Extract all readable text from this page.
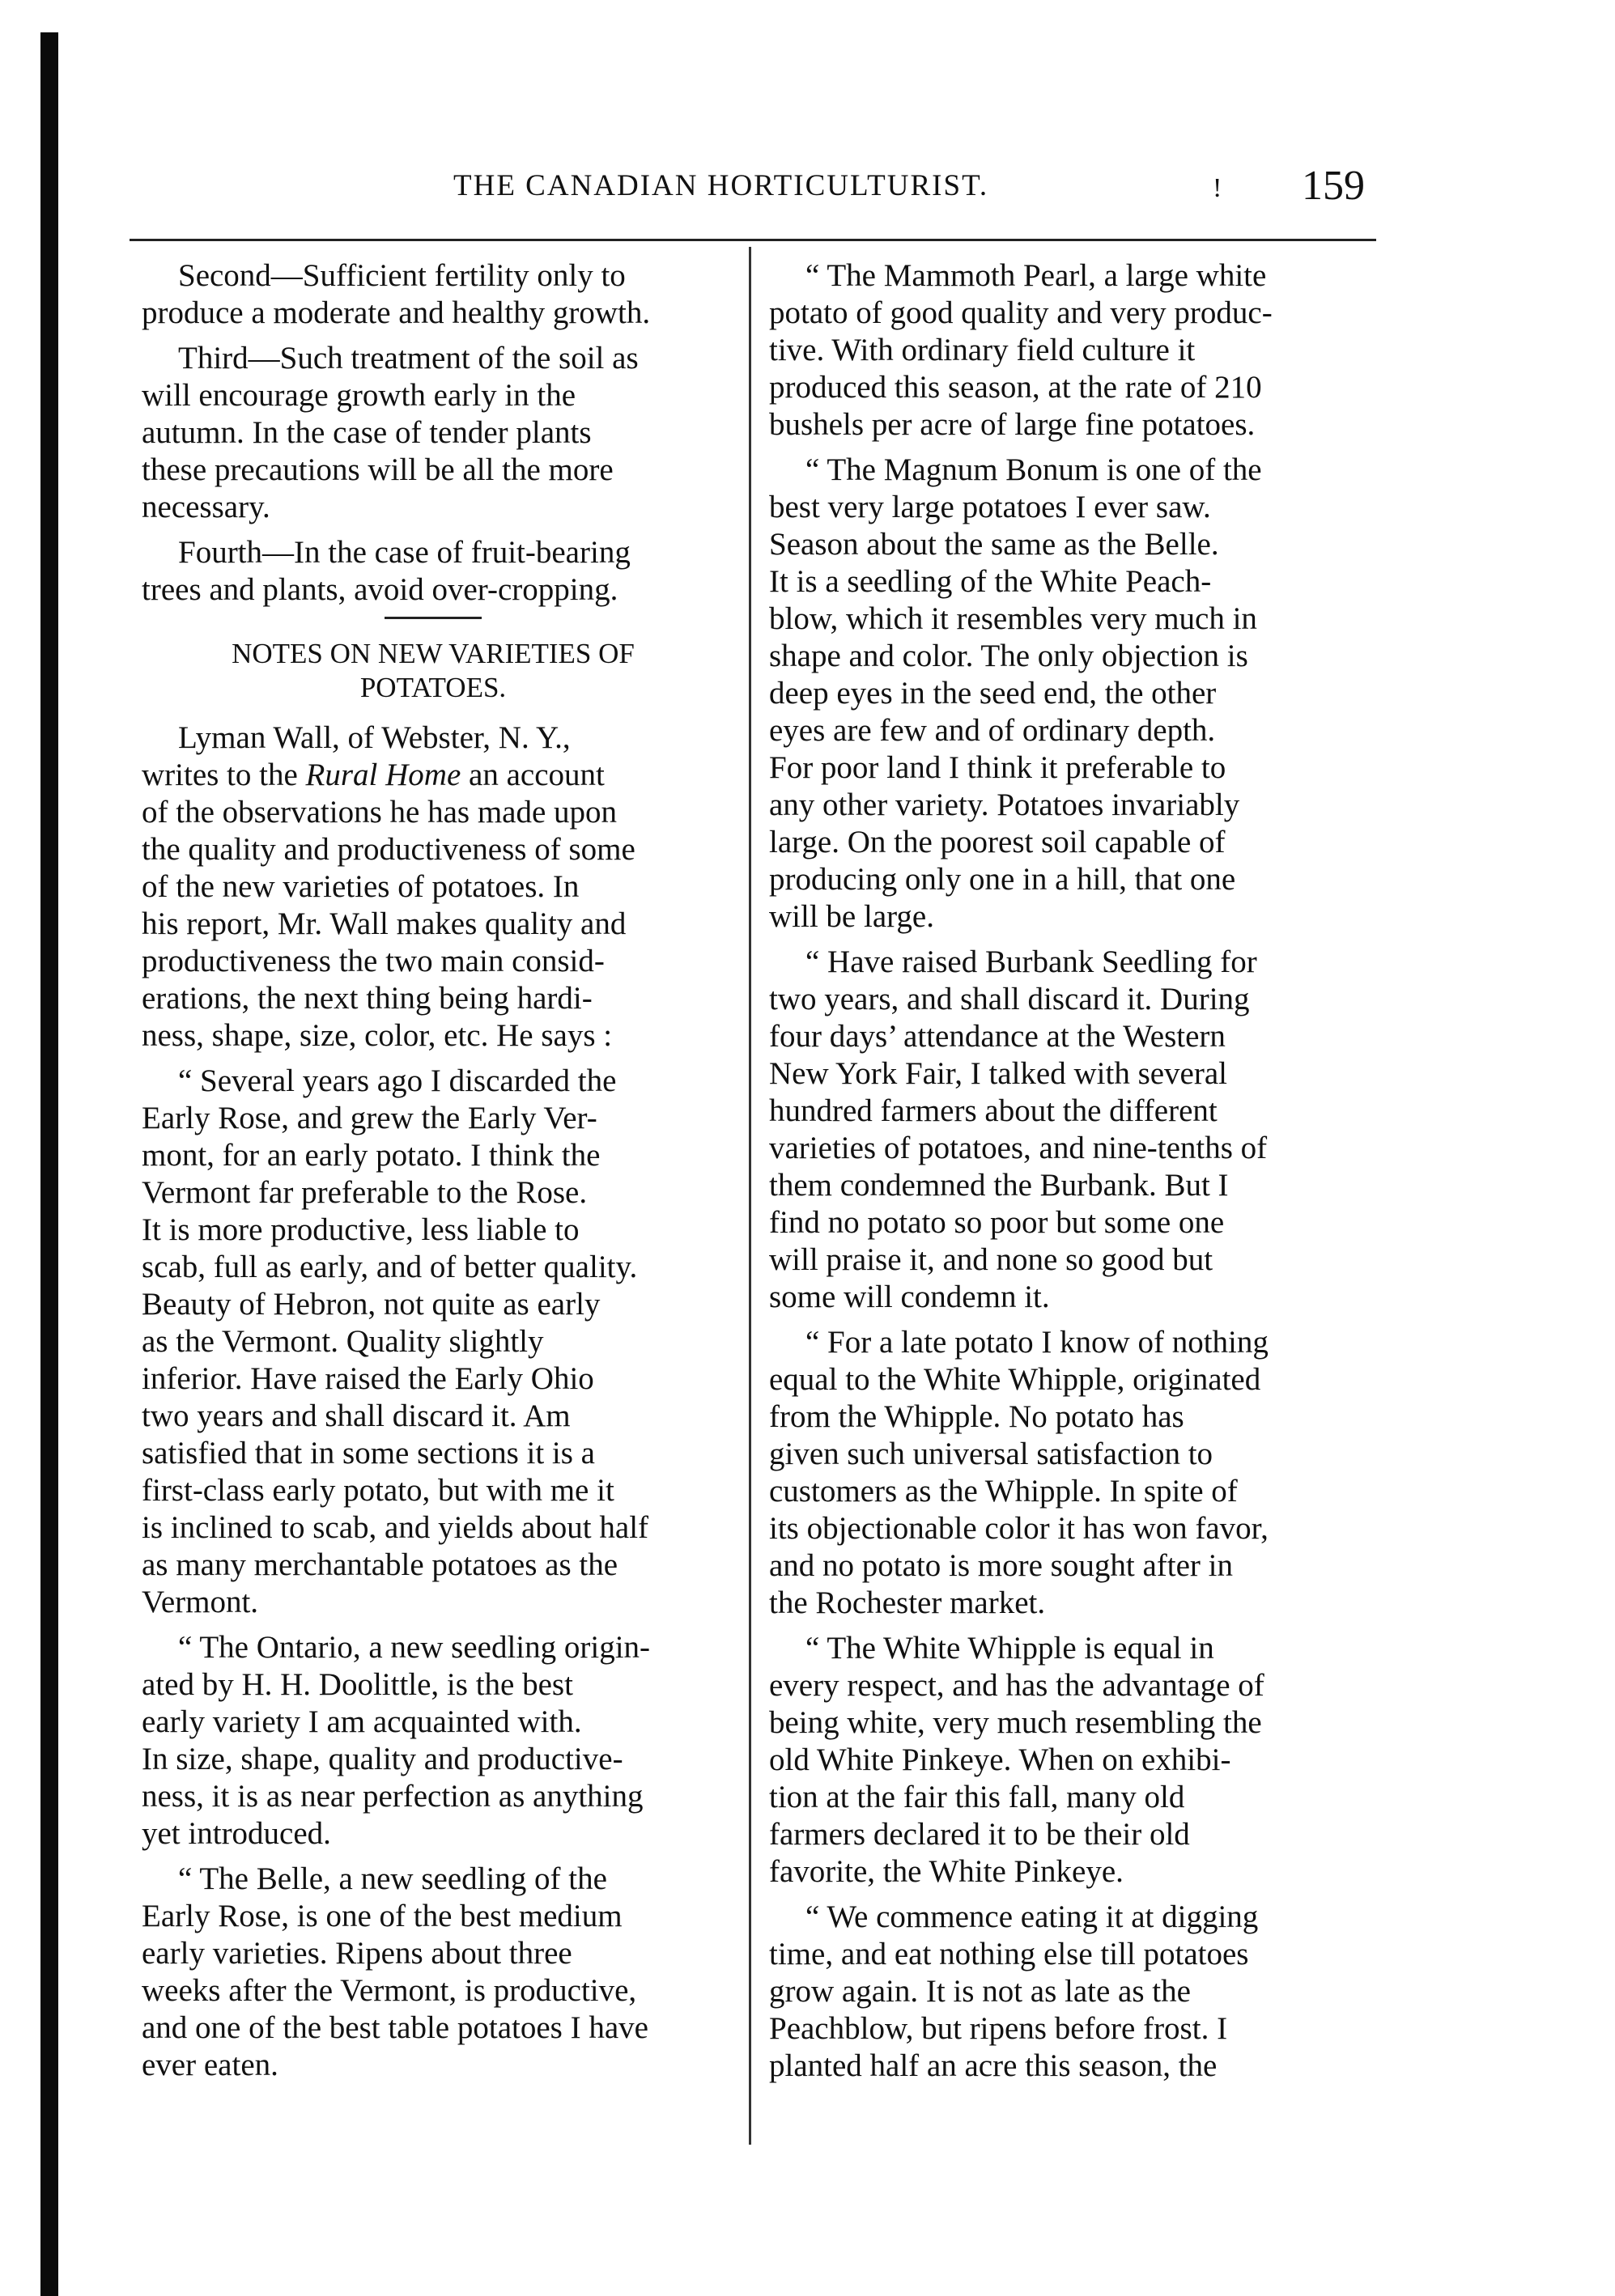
THE CANADIAN HORTICULTURIST.	! 159

Second—Sufficient fertility only to
produce a moderate and healthy growth.

Third—Such treatment of the soil as
will encourage growth early in the
autumn. In the case of tender plants
these precautions will be all the more
necessary.

Fourth—In the case of fruit-bearing
trees and plants, avoid over-cropping.

NOTES ON NEW VARIETIES OF
POTATOES.

Lyman Wall, of Webster, N. Y.,
writes to the Rural Home an account
of the observations he has made upon
the quality and productiveness of some
of the new varieties of potatoes. In
his report, Mr. Wall makes quality and
productiveness the two main consid-
erations, the next thing being hardi-
ness, shape, size, color, etc. He says :

“ Several years ago I discarded the
Early Rose, and grew the Early Ver-
mont, for an early potato. I think the
Vermont far preferable to the Rose.
It is more productive, less liable to
scab, full as early, and of better quality.
Beauty of Hebron, not quite as early
as the Vermont. Quality slightly
inferior. Have raised the Early Ohio
two years and shall discard it. Am
satisfied that in some sections it is a
first-class early potato, but with me it
is inclined to scab, and yields about half
as many merchantable potatoes as the
Vermont.

“ The Ontario, a new seedling origin-
ated by H. H. Doolittle, is the best
early variety I am acquainted with.
In size, shape, quality and productive-
ness, it is as near perfection as anything
yet introduced.

“ The Belle, a new seedling of the
Early Rose, is one of the best medium
early varieties. Ripens about three
weeks after the Vermont, is productive,
and one of the best table potatoes I have
ever eaten.

“ The Mammoth Pearl, a large white
potato of good quality and very produc-
tive. With ordinary field culture it
produced this season, at the rate of 210
bushels per acre of large fine potatoes.

“ The Magnum Bonum is one of the
best very large potatoes I ever saw.
Season about the same as the Belle.
It is a seedling of the White Peach-
blow, which it resembles very much in
shape and color. The only objection is
deep eyes in the seed end, the other
eyes are few and of ordinary depth.
For poor land I think it preferable to
any other variety. Potatoes invariably
large. On the poorest soil capable of
producing only one in a hill, that one
will be large.

“ Have raised Burbank Seedling for
two years, and shall discard it. During
four days’ attendance at the Western
New York Fair, I talked with several
hundred farmers about the different
varieties of potatoes, and nine-tenths of
them condemned the Burbank. But I
find no potato so poor but some one
will praise it, and none so good but
some will condemn it.

“ For a late potato I know of nothing
equal to the White Whipple, originated
from the Whipple. No potato has
given such universal satisfaction to
customers as the Whipple. In spite of
its objectionable color it has won favor,
and no potato is more sought after in
the Rochester market.

“ The White Whipple is equal in
every respect, and has the advantage of
being white, very much resembling the
old White Pinkeye. When on exhibi-
tion at the fair this fall, many old
farmers declared it to be their old
favorite, the White Pinkeye.

“ We commence eating it at digging
time, and eat nothing else till potatoes
grow again. It is not as late as the
Peachblow, but ripens before frost. I
planted half an acre this season, the
